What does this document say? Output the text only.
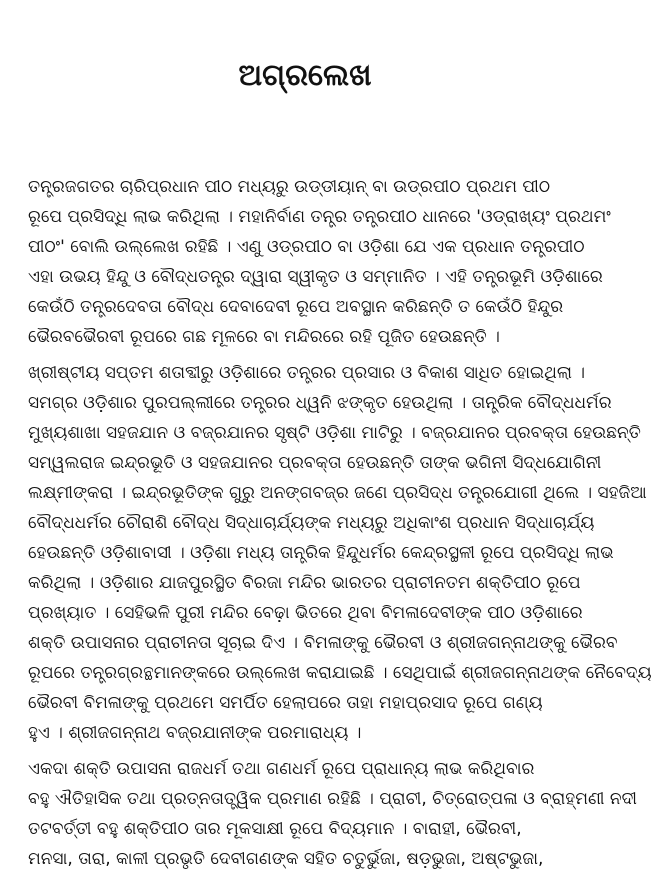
ଅଗ୍ରଲେଖ
ତନ୍ତ୍ରଜଗତର ଚାରିପ୍ରଧାନ ପୀଠ ମଧ୍ୟରୁ ଉଡ୍ଡୀୟାନ୍ ବା ଉଡ୍ରପୀଠ ପ୍ରଥମ ପୀଠ
ରୂପେ ପ୍ରସିଦ୍ଧି ଲାଭ କରିଥିଲା । ମହାନିର୍ବାଣ ତନ୍ତ୍ର ତନ୍ତ୍ରପୀଠ ଧାନରେ 'ଓଡ୍ରାଖ୍ୟଂ ପ୍ରଥମଂ
ପୀଠଂ' ବୋଲି ଉଲ୍ଲେଖ ରହିଛି । ଏଣୁ ଓଡ୍ରପୀଠ ବା ଓଡ଼ିଶା ଯେ ଏକ ପ୍ରଧାନ ତନ୍ତ୍ରପୀଠ
ଏହା ଉଭୟ ହିନ୍ଦୁ ଓ ବୌଦ୍ଧତନ୍ତ୍ର ଦ୍ୱାରା ସ୍ୱୀକୃତ ଓ ସମ୍ମାନିତ । ଏହି ତନ୍ତ୍ରଭୂମି ଓଡ଼ିଶାରେ
କେଉଁଠି ତନ୍ତ୍ରଦେବତା ବୌଦ୍ଧ ଦେବାଦେବୀ ରୂପେ ଅବସ୍ଥାନ କରିଛନ୍ତି ତ କେଉଁଠି ହିନ୍ଦୁର
ଭୈରବଭୈରବୀ ରୂପରେ ଗଛ ମୂଳରେ ବା ମନ୍ଦିରରେ ରହି ପୂଜିତ ହେଉଛନ୍ତି ।
ଖ୍ରୀଷ୍ଟୀୟ ସପ୍ତମ ଶତାବ୍ଦୀରୁ ଓଡ଼ିଶାରେ ତନ୍ତ୍ରର ପ୍ରସାର ଓ ବିକାଶ ସାଧିତ ହୋଇଥିଲା ।
ସମଗ୍ର ଓଡ଼ିଶାର ପୁରପଲ୍ଲୀରେ ତନ୍ତ୍ରର ଧ୍ୱନି ଝଙ୍କୃତ ହେଉଥିଲା । ତାନ୍ତ୍ରିକ ବୌଦ୍ଧଧର୍ମର
ମୁଖ୍ୟଶାଖା ସହଜଯାନ ଓ ବଜ୍ରଯାନର ସୃଷ୍ଟି ଓଡ଼ିଶା ମାଟିରୁ । ବଜ୍ରଯାନର ପ୍ରବକ୍ତା ହେଉଛନ୍ତି
ସମ୍ୱଲରାଜ ଇନ୍ଦ୍ରଭୂତି ଓ ସହଜଯାନର ପ୍ରବକ୍ତା ହେଉଛନ୍ତି ତାଙ୍କ ଭଗିନୀ ସିଦ୍ଧଯୋଗିନୀ
ଲକ୍ଷ୍ମୀଙ୍କରା । ଇନ୍ଦ୍ରଭୂତିଙ୍କ ଗୁରୁ ଅନଙ୍ଗବଜ୍ର ଜଣେ ପ୍ରସିଦ୍ଧ ତନ୍ତ୍ରଯୋଗୀ ଥିଲେ । ସହଜିଆ
ବୌଦ୍ଧଧର୍ମର ଚୌରାଶି ବୌଦ୍ଧ ସିଦ୍ଧାଚାର୍ଯ୍ୟଙ୍କ ମଧ୍ୟରୁ ଅଧିକାଂଶ ପ୍ରଧାନ ସିଦ୍ଧାଚାର୍ଯ୍ୟ
ହେଉଛନ୍ତି ଓଡ଼ିଶାବାସୀ । ଓଡ଼ିଶା ମଧ୍ୟ ତାନ୍ତ୍ରିକ ହିନ୍ଦୁଧର୍ମର କେନ୍ଦ୍ରସ୍ଥଳୀ ରୂପେ ପ୍ରସିଦ୍ଧି ଲାଭ
କରିଥିଲା । ଓଡ଼ିଶାର ଯାଜପୁରସ୍ଥିତ ବିରଜା ମନ୍ଦିର ଭାରତର ପ୍ରାଚୀନତମ ଶକ୍ତିପୀଠ ରୂପେ
ପ୍ରଖ୍ୟାତ । ସେହିଭଳି ପୁରୀ ମନ୍ଦିର ବେଢ଼ା ଭିତରେ ଥିବା ବିମଳାଦେବୀଙ୍କ ପୀଠ ଓଡ଼ିଶାରେ
ଶକ୍ତି ଉପାସନାର ପ୍ରାଚୀନତା ସୂଚାଇ ଦିଏ । ବିମଳାଙ୍କୁ ଭୈରବୀ ଓ ଶ୍ରୀଜଗନ୍ନାଥଙ୍କୁ ଭୈରବ
ରୂପରେ ତନ୍ତ୍ରଗ୍ରନ୍ଥମାନଙ୍କରେ ଉଲ୍ଲେଖ କରାଯାଇଛି । ସେଥିପାଇଁ ଶ୍ରୀଜଗନ୍ନାଥଙ୍କ ନୈବେଦ୍ୟ
ଭୈରବୀ ବିମଳାଙ୍କୁ ପ୍ରଥମେ ସମର୍ପିତ ହେଲାପରେ ତାହା ମହାପ୍ରସାଦ ରୂପେ ଗଣ୍ୟ
ହୁଏ । ଶ୍ରୀଜଗନ୍ନାଥ ବଜ୍ରଯାନୀଙ୍କ ପରମାରାଧ୍ୟ ।
ଏକଦା ଶକ୍ତି ଉପାସନା ରାଜଧର୍ମ ତଥା ଗଣଧର୍ମ ରୂପେ ପ୍ରାଧାନ୍ୟ ଲାଭ କରିଥିବାର
ବହୁ ଐତିହାସିକ ତଥା ପ୍ରତ୍ନତାତ୍ତ୍ୱିକ ପ୍ରମାଣ ରହିଛି । ପ୍ରାଚୀ, ଚିତ୍ରୋତ୍ପଳା ଓ ବ୍ରାହ୍ମଣୀ ନଦୀ
ତଟବର୍ତ୍ତୀ ବହୁ ଶକ୍ତିପୀଠ ତାର ମୂକସାକ୍ଷୀ ରୂପେ ବିଦ୍ୟମାନ । ବାରାହୀ, ଭୈରବୀ,
ମନସା, ତାରା, କାଳୀ ପ୍ରଭୃତି ଦେବୀଗଣଙ୍କ ସହିତ ଚତୁର୍ଭୁଜା, ଷଡ଼ଭୁଜା, ଅଷ୍ଟଭୁଜା,
